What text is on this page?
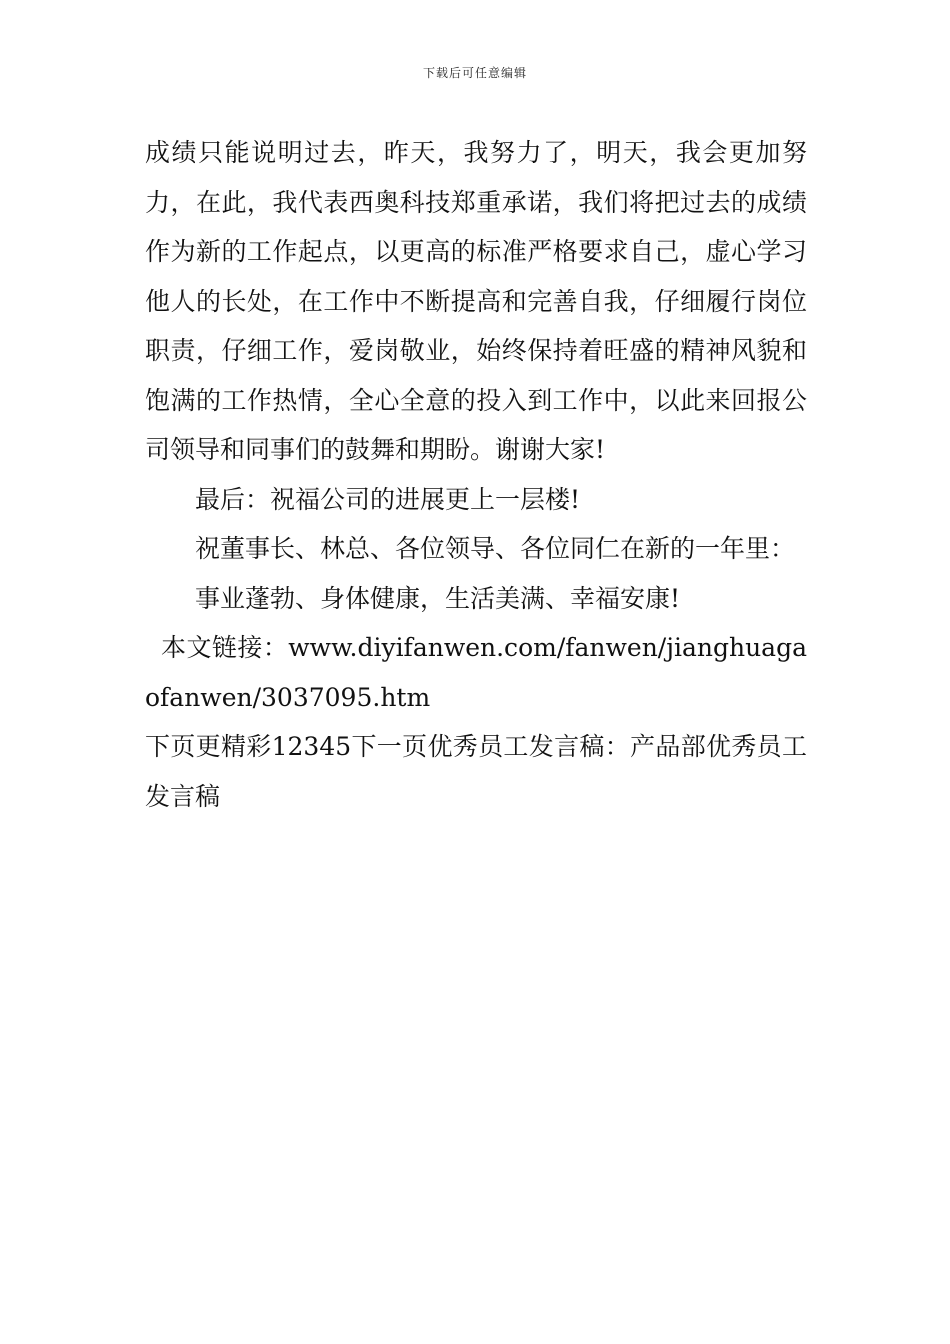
下载后可任意编辑

成绩只能说明过去，昨天，我努力了，明天，我会更加努力，在此，我代表西奥科技郑重承诺，我们将把过去的成绩作为新的工作起点，以更高的标准严格要求自己，虚心学习他人的长处，在工作中不断提高和完善自我，仔细履行岗位职责，仔细工作，爱岗敬业，始终保持着旺盛的精神风貌和饱满的工作热情，全心全意的投入到工作中，以此来回报公司领导和同事们的鼓舞和期盼。谢谢大家!

最后：祝福公司的进展更上一层楼!

祝董事长、林总、各位领导、各位同仁在新的一年里：

事业蓬勃、身体健康，生活美满、幸福安康!

本文链接：www.diyifanwen.com/fanwen/jianghuagaofanwen/3037095.htm

下页更精彩12345下一页优秀员工发言稿：产品部优秀员工发言稿
